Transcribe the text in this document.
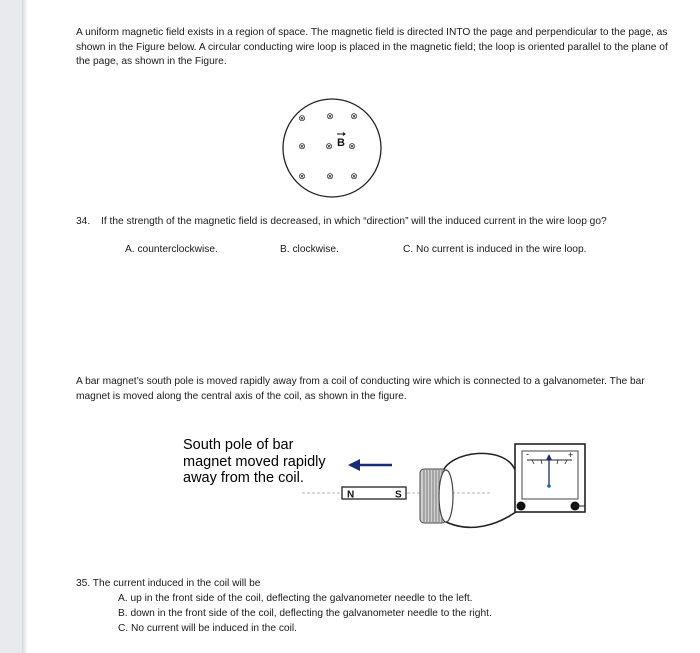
A uniform magnetic field exists in a region of space. The magnetic field is directed INTO the page and perpendicular to the page, as shown in the Figure below. A circular conducting wire loop is placed in the magnetic field; the loop is oriented parallel to the plane of the page, as shown in the Figure.
⊗ ⊗ ⊗
⊗ ⊗ ⊗
⊗ ⊗ ⊗
B
34. If the strength of the magnetic field is decreased, in which “direction” will the induced current in the wire loop go?
A. counterclockwise.	B. clockwise.	C. No current is induced in the wire loop.
A bar magnet’s south pole is moved rapidly away from a coil of conducting wire which is connected to a galvanometer. The bar magnet is moved along the central axis of the coil, as shown in the figure.
South pole of bar magnet moved rapidly away from the coil.
N	S
-	+
35. The current induced in the coil will be
A. up in the front side of the coil, deflecting the galvanometer needle to the left.
B. down in the front side of the coil, deflecting the galvanometer needle to the right.
C. No current will be induced in the coil.
